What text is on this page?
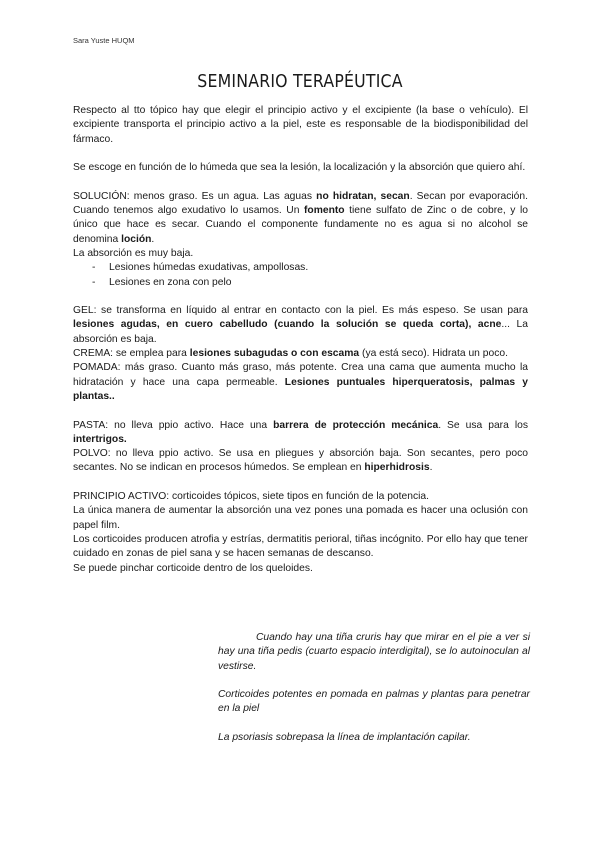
Sara Yuste HUQM
SEMINARIO TERAPÉUTICA

Respecto al tto tópico hay que elegir el principio activo y el excipiente (la base o vehículo). El excipiente transporta el principio activo a la piel, este es responsable de la biodisponibilidad del fármaco.

Se escoge en función de lo húmeda que sea la lesión, la localización y la absorción que quiero ahí.

SOLUCIÓN: menos graso. Es un agua. Las aguas no hidratan, secan. Secan por evaporación. Cuando tenemos algo exudativo lo usamos. Un fomento tiene sulfato de Zinc o de cobre, y lo único que hace es secar. Cuando el componente fundamente no es agua si no alcohol se denomina loción.

La absorción es muy baja.

- Lesiones húmedas exudativas, ampollosas.
- Lesiones en zona con pelo

GEL: se transforma en líquido al entrar en contacto con la piel. Es más espeso. Se usan para lesiones agudas, en cuero cabelludo (cuando la solución se queda corta), acne... La absorción es baja.

CREMA: se emplea para lesiones subagudas o con escama (ya está seco). Hidrata un poco.

POMADA: más graso. Cuanto más graso, más potente. Crea una cama que aumenta mucho la hidratación y hace una capa permeable. Lesiones puntuales hiperqueratosis, palmas y plantas..

PASTA: no lleva ppio activo. Hace una barrera de protección mecánica. Se usa para los intertrigos.

POLVO: no lleva ppio activo. Se usa en pliegues y absorción baja. Son secantes, pero poco secantes. No se indican en procesos húmedos. Se emplean en hiperhidrosis.

PRINCIPIO ACTIVO: corticoides tópicos, siete tipos en función de la potencia.

La única manera de aumentar la absorción una vez pones una pomada es hacer una oclusión con papel film.

Los corticoides producen atrofia y estrías, dermatitis perioral, tiñas incógnito. Por ello hay que tener cuidado en zonas de piel sana y se hacen semanas de descanso.

Se puede pinchar corticoide dentro de los queloides.

Cuando hay una tiña cruris hay que mirar en el pie a ver si hay una tiña pedis (cuarto espacio interdigital), se lo autoinoculan al vestirse.

Corticoides potentes en pomada en palmas y plantas para penetrar en la piel

La psoriasis sobrepasa la línea de implantación capilar.
